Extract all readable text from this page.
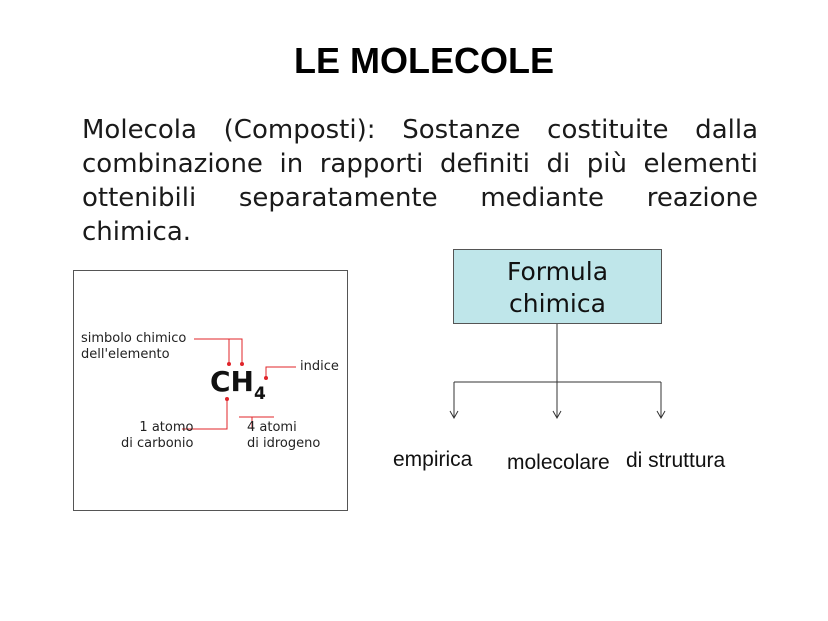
LE MOLECOLE
Molecola (Composti): Sostanze costituite dalla
combinazione in rapporti definiti di più elementi
ottenibili separatamente mediante reazione
chimica.
simbolo chimico
dell'elemento
indice
$CH_4$
1 atomo
di carbonio
4 atomi
di idrogeno
Formula
chimica
empirica molecolare di struttura
